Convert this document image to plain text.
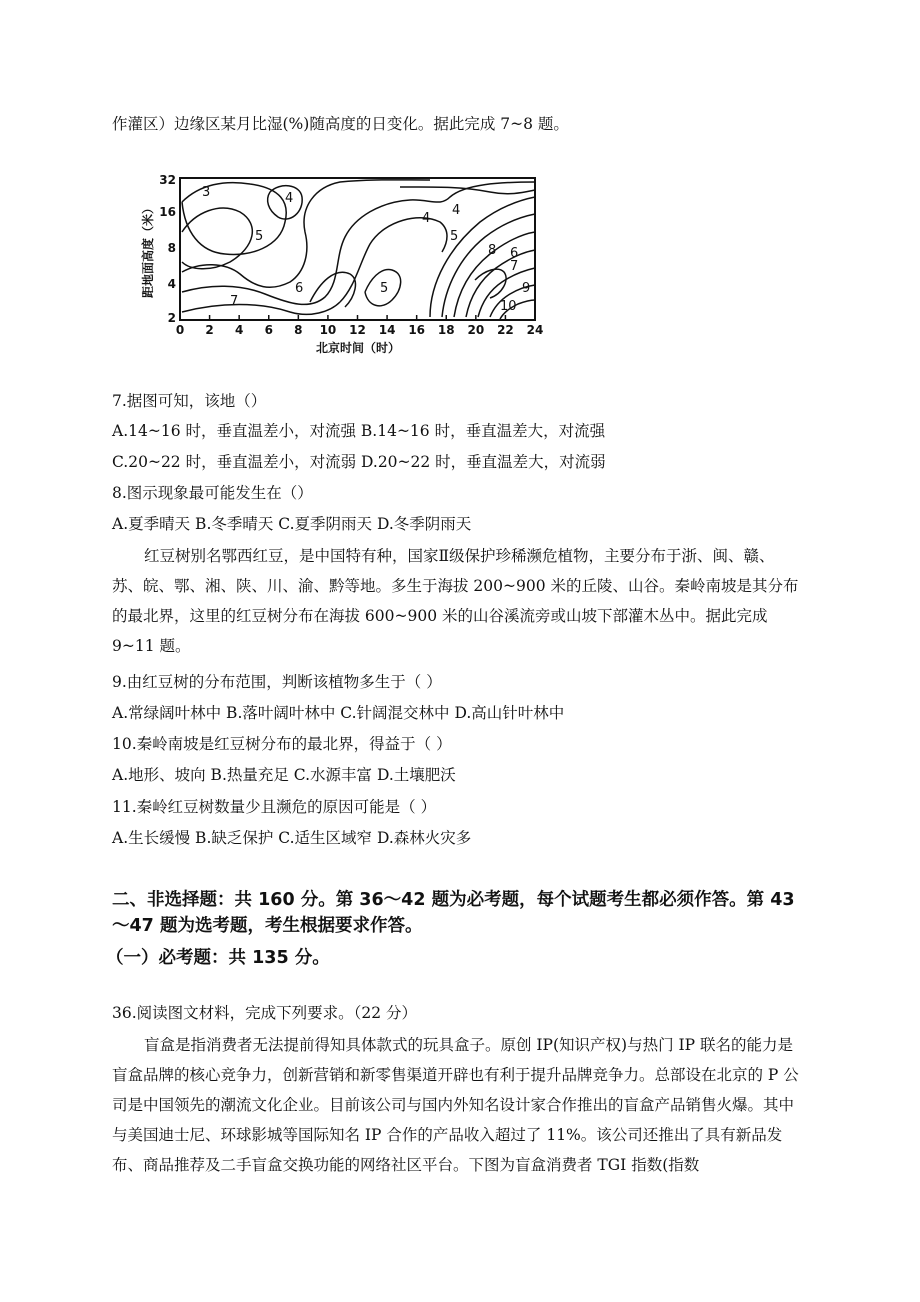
作灌区）边缘区某月比湿(%)随高度的日变化。据此完成 7~8 题。
距地面高度（米）
0 2 4 6 8 10 12 14 16 18 20 22 24
2
4
8
16
32
北京时间（时）
3	4
4
4
5	5
5
6
6
7
7
8
9
10
7.据图可知，该地（）
A.14~16 时，垂直温差小，对流强 B.14~16 时，垂直温差大，对流强
C.20~22 时，垂直温差小，对流弱 D.20~22 时，垂直温差大，对流弱
8.图示现象最可能发生在（）
A.夏季晴天 B.冬季晴天 C.夏季阴雨天 D.冬季阴雨天
红豆树别名鄂西红豆，是中国特有种，国家Ⅱ级保护珍稀濒危植物，主要分布于浙、闽、赣、苏、皖、鄂、湘、陕、川、渝、黔等地。多生于海拔 200~900 米的丘陵、山谷。秦岭南坡是其分布的最北界，这里的红豆树分布在海拔 600~900 米的山谷溪流旁或山坡下部灌木丛中。据此完成 9~11 题。
9.由红豆树的分布范围，判断该植物多生于（ ）
A.常绿阔叶林中 B.落叶阔叶林中 C.针阔混交林中 D.高山针叶林中
10.秦岭南坡是红豆树分布的最北界，得益于（ ）
A.地形、坡向 B.热量充足 C.水源丰富 D.土壤肥沃
11.秦岭红豆树数量少且濒危的原因可能是（ ）
A.生长缓慢 B.缺乏保护 C.适生区域窄 D.森林火灾多
二、非选择题：共 160 分。第 36～42 题为必考题，每个试题考生都必须作答。第 43～47 题为选考题，考生根据要求作答。
（一）必考题：共 135 分。
36.阅读图文材料，完成下列要求。（22 分）
盲盒是指消费者无法提前得知具体款式的玩具盒子。原创 IP(知识产权)与热门 IP 联名的能力是盲盒品牌的核心竞争力，创新营销和新零售渠道开辟也有利于提升品牌竞争力。总部设在北京的 P 公司是中国领先的潮流文化企业。目前该公司与国内外知名设计家合作推出的盲盒产品销售火爆。其中与美国迪士尼、环球影城等国际知名 IP 合作的产品收入超过了 11%。该公司还推出了具有新品发布、商品推荐及二手盲盒交换功能的网络社区平台。下图为盲盒消费者 TGI 指数(指数
